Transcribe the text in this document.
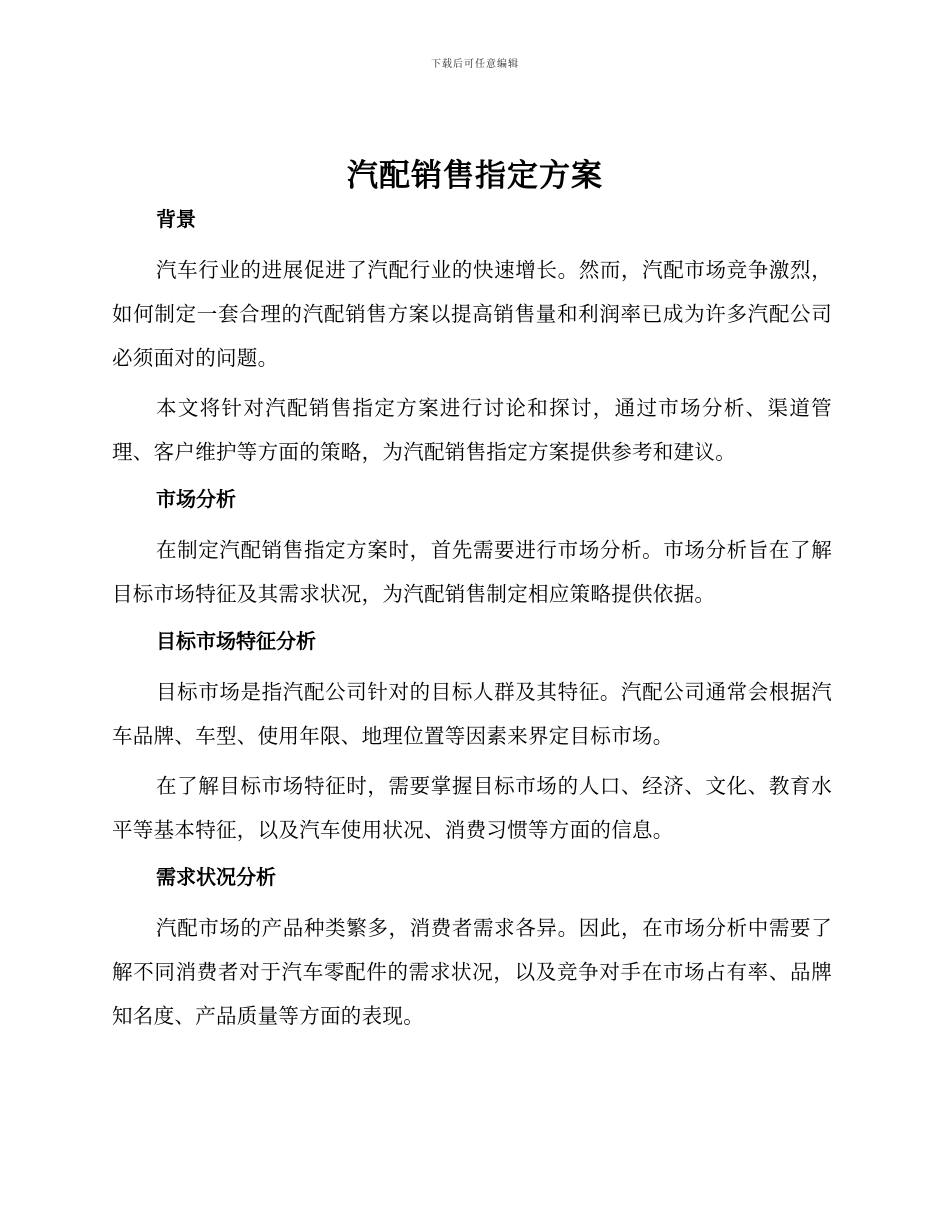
下载后可任意编辑
汽配销售指定方案
背景

汽车行业的进展促进了汽配行业的快速增长。然而，汽配市场竞争激烈，如何制定一套合理的汽配销售方案以提高销售量和利润率已成为许多汽配公司必须面对的问题。

本文将针对汽配销售指定方案进行讨论和探讨，通过市场分析、渠道管理、客户维护等方面的策略，为汽配销售指定方案提供参考和建议。

市场分析

在制定汽配销售指定方案时，首先需要进行市场分析。市场分析旨在了解目标市场特征及其需求状况，为汽配销售制定相应策略提供依据。

目标市场特征分析

目标市场是指汽配公司针对的目标人群及其特征。汽配公司通常会根据汽车品牌、车型、使用年限、地理位置等因素来界定目标市场。

在了解目标市场特征时，需要掌握目标市场的人口、经济、文化、教育水平等基本特征，以及汽车使用状况、消费习惯等方面的信息。

需求状况分析

汽配市场的产品种类繁多，消费者需求各异。因此，在市场分析中需要了解不同消费者对于汽车零配件的需求状况，以及竞争对手在市场占有率、品牌知名度、产品质量等方面的表现。
